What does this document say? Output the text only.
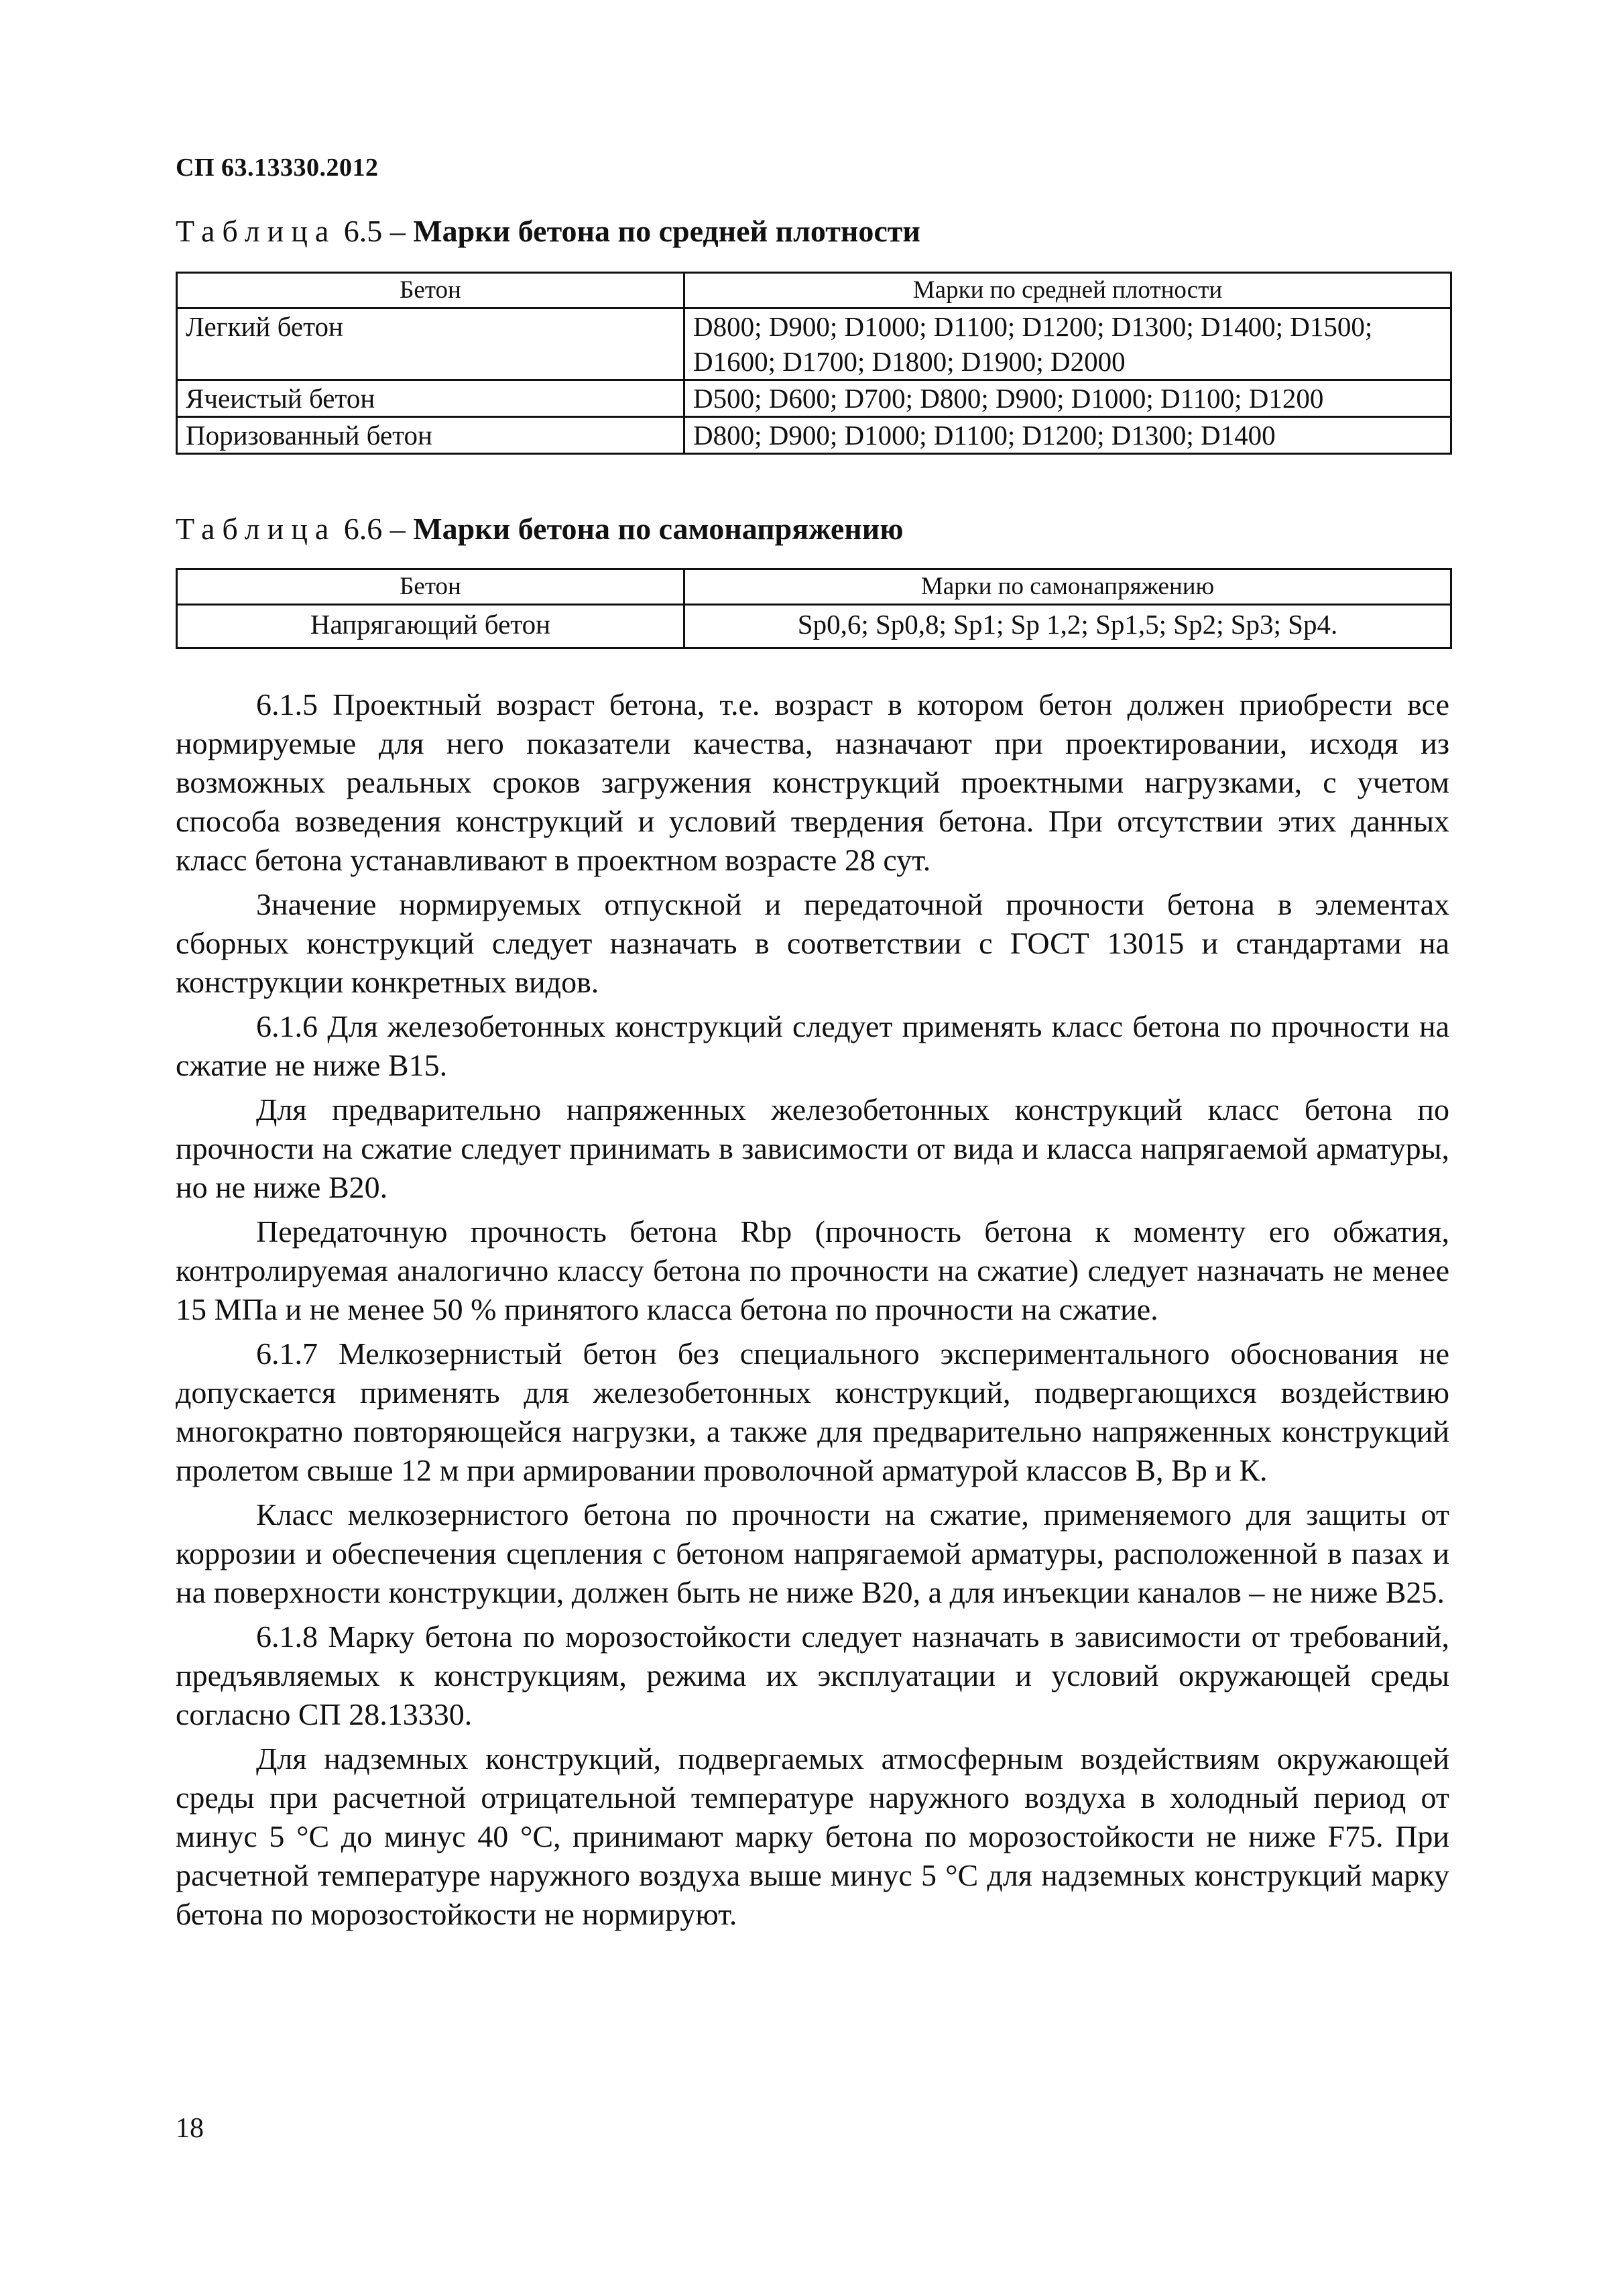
СП 63.13330.2012
Таблица 6.5 – Марки бетона по средней плотности
Бетон	Марки по средней плотности
Легкий бетон	D800; D900; D1000; D1100; D1200; D1300; D1400; D1500; D1600; D1700; D1800; D1900; D2000
Ячеистый бетон	D500; D600; D700; D800; D900; D1000; D1100; D1200
Поризованный бетон	D800; D900; D1000; D1100; D1200; D1300; D1400
Таблица 6.6 – Марки бетона по самонапряжению
Бетон	Марки по самонапряжению
Напрягающий бетон	Sp0,6; Sp0,8; Sp1; Sp 1,2; Sp1,5; Sp2; Sp3; Sp4.

6.1.5 Проектный возраст бетона, т.е. возраст в котором бетон должен приобрести все нормируемые для него показатели качества, назначают при проектировании, исходя из возможных реальных сроков загружения конструкций проектными нагрузками, с учетом способа возведения конструкций и условий твердения бетона. При отсутствии этих данных класс бетона устанавливают в проектном возрасте 28 сут.

Значение нормируемых отпускной и передаточной прочности бетона в элементах сборных конструкций следует назначать в соответствии с ГОСТ 13015 и стандартами на конструкции конкретных видов.

6.1.6 Для железобетонных конструкций следует применять класс бетона по прочности на сжатие не ниже В15.

Для предварительно напряженных железобетонных конструкций класс бетона по прочности на сжатие следует принимать в зависимости от вида и класса напрягаемой арматуры, но не ниже В20.

Передаточную прочность бетона Rbp (прочность бетона к моменту его обжатия, контролируемая аналогично классу бетона по прочности на сжатие) следует назначать не менее 15 МПа и не менее 50 % принятого класса бетона по прочности на сжатие.

6.1.7 Мелкозернистый бетон без специального экспериментального обоснования не допускается применять для железобетонных конструкций, подвергающихся воздействию многократно повторяющейся нагрузки, а также для предварительно напряженных конструкций пролетом свыше 12 м при армировании проволочной арматурой классов В, Вр и К.

Класс мелкозернистого бетона по прочности на сжатие, применяемого для защиты от коррозии и обеспечения сцепления с бетоном напрягаемой арматуры, расположенной в пазах и на поверхности конструкции, должен быть не ниже В20, а для инъекции каналов – не ниже В25.

6.1.8 Марку бетона по морозостойкости следует назначать в зависимости от требований, предъявляемых к конструкциям, режима их эксплуатации и условий окружающей среды согласно СП 28.13330.

Для надземных конструкций, подвергаемых атмосферным воздействиям окружающей среды при расчетной отрицательной температуре наружного воздуха в холодный период от минус 5 °С до минус 40 °С, принимают марку бетона по морозостойкости не ниже F75. При расчетной температуре наружного воздуха выше минус 5 °С для надземных конструкций марку бетона по морозостойкости не нормируют.

18
